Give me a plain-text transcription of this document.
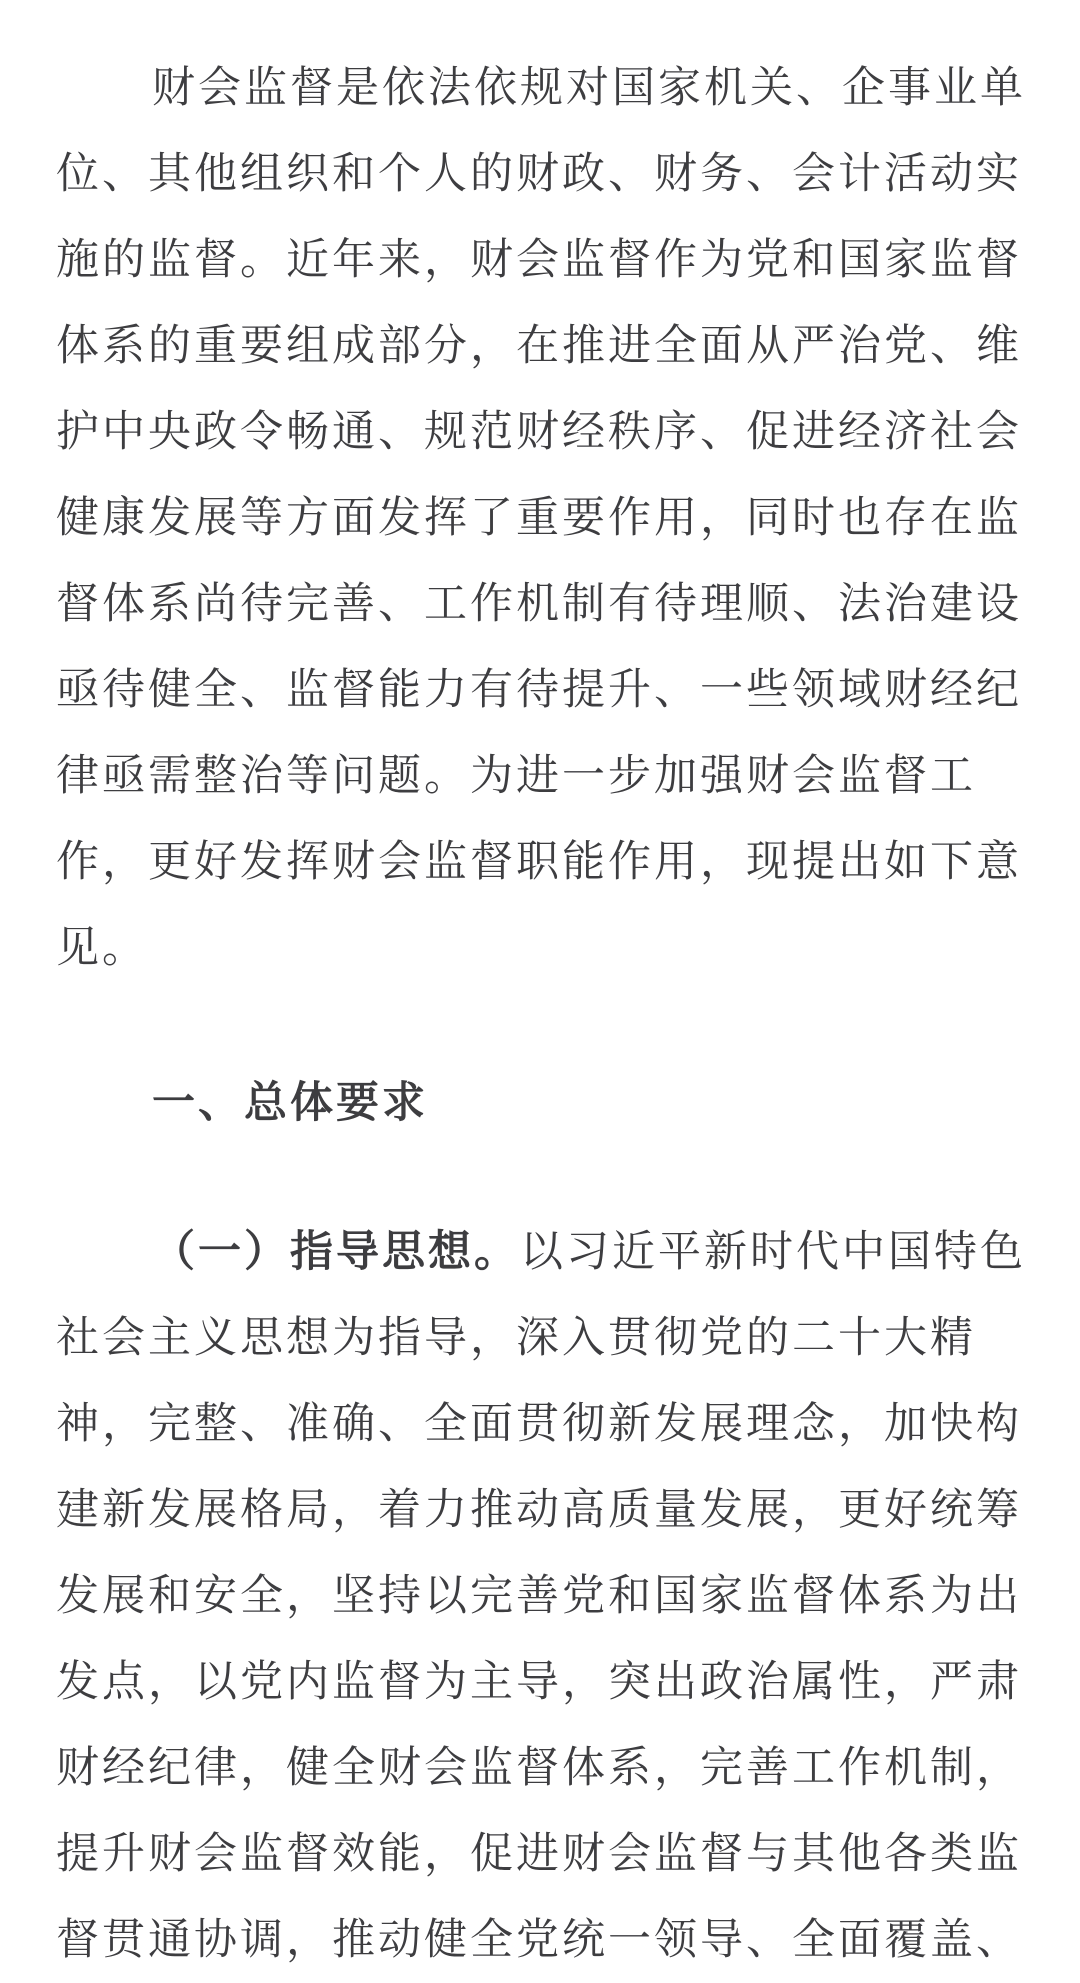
财会监督是依法依规对国家机关、企事业单
位、其他组织和个人的财政、财务、会计活动实
施的监督。近年来，财会监督作为党和国家监督
体系的重要组成部分，在推进全面从严治党、维
护中央政令畅通、规范财经秩序、促进经济社会
健康发展等方面发挥了重要作用，同时也存在监
督体系尚待完善、工作机制有待理顺、法治建设
亟待健全、监督能力有待提升、一些领域财经纪
律亟需整治等问题。为进一步加强财会监督工
作，更好发挥财会监督职能作用，现提出如下意
见。
一、总体要求
（一）指导思想。以习近平新时代中国特色
社会主义思想为指导，深入贯彻党的二十大精
神，完整、准确、全面贯彻新发展理念，加快构
建新发展格局，着力推动高质量发展，更好统筹
发展和安全，坚持以完善党和国家监督体系为出
发点，以党内监督为主导，突出政治属性，严肃
财经纪律，健全财会监督体系，完善工作机制，
提升财会监督效能，促进财会监督与其他各类监
督贯通协调，推动健全党统一领导、全面覆盖、
